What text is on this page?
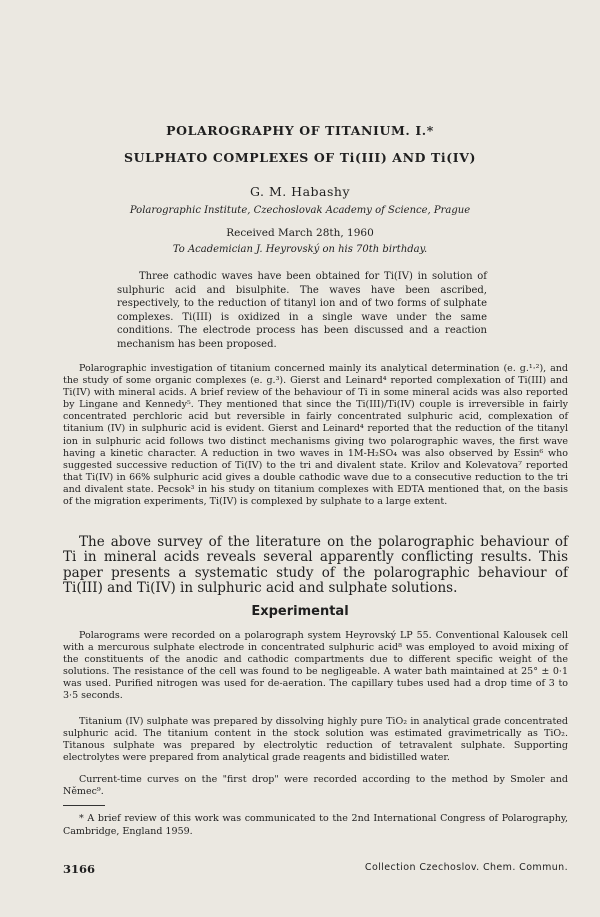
POLAROGRAPHY OF TITANIUM. I.*
SULPHATO COMPLEXES OF Ti(III) AND Ti(IV)
G. M. Habashy
Polarographic Institute, Czechoslovak Academy of Science, Prague
Received March 28th, 1960
To Academician J. Heyrovský on his 70th birthday.

Three cathodic waves have been obtained for Ti(IV) in solution of sulphuric acid and bisulphite. The waves have been ascribed, respectively, to the reduction of titanyl ion and of two forms of sulphate complexes. Ti(III) is oxidized in a single wave under the same conditions. The electrode process has been discussed and a reaction mechanism has been proposed.

Polarographic investigation of titanium concerned mainly its analytical determination (e. g.¹·²), and the study of some organic complexes (e. g.³). Gierst and Leinard⁴ reported complexation of Ti(III) and Ti(IV) with mineral acids. A brief review of the behaviour of Ti in some mineral acids was also reported by Lingane and Kennedy⁵. They mentioned that since the Ti(III)/Ti(IV) couple is irreversible in fairly concentrated perchloric acid but reversible in fairly concentrated sulphuric acid, complexation of titanium (IV) in sulphuric acid is evident. Gierst and Leinard⁴ reported that the reduction of the titanyl ion in sulphuric acid follows two distinct mechanisms giving two polarographic waves, the first wave having a kinetic character. A reduction in two waves in 1M-H₂SO₄ was also observed by Essin⁶ who suggested successive reduction of Ti(IV) to the tri and divalent state. Krilov and Kolevatova⁷ reported that Ti(IV) in 66% sulphuric acid gives a double cathodic wave due to a consecutive reduction to the tri and divalent state. Pecsok³ in his study on titanium complexes with EDTA mentioned that, on the basis of the migration experiments, Ti(IV) is complexed by sulphate to a large extent.

The above survey of the literature on the polarographic behaviour of Ti in mineral acids reveals several apparently conflicting results. This paper presents a systematic study of the polarographic behaviour of Ti(III) and Ti(IV) in sulphuric acid and sulphate solutions.

Experimental

Polarograms were recorded on a polarograph system Heyrovský LP 55. Conventional Kalousek cell with a mercurous sulphate electrode in concentrated sulphuric acid⁸ was employed to avoid mixing of the constituents of the anodic and cathodic compartments due to different specific weight of the solutions. The resistance of the cell was found to be negligeable. A water bath maintained at 25° ± 0·1 was used. Purified nitrogen was used for de-aeration. The capillary tubes used had a drop time of 3 to 3·5 seconds.

Titanium (IV) sulphate was prepared by dissolving highly pure TiO₂ in analytical grade concentrated sulphuric acid. The titanium content in the stock solution was estimated gravimetrically as TiO₂. Titanous sulphate was prepared by electrolytic reduction of tetravalent sulphate. Supporting electrolytes were prepared from analytical grade reagents and bidistilled water.

Current-time curves on the "first drop" were recorded according to the method by Smoler and Němec⁹.

* A brief review of this work was communicated to the 2nd International Congress of Polarography, Cambridge, England 1959.

3166	Collection Czechoslov. Chem. Commun.
